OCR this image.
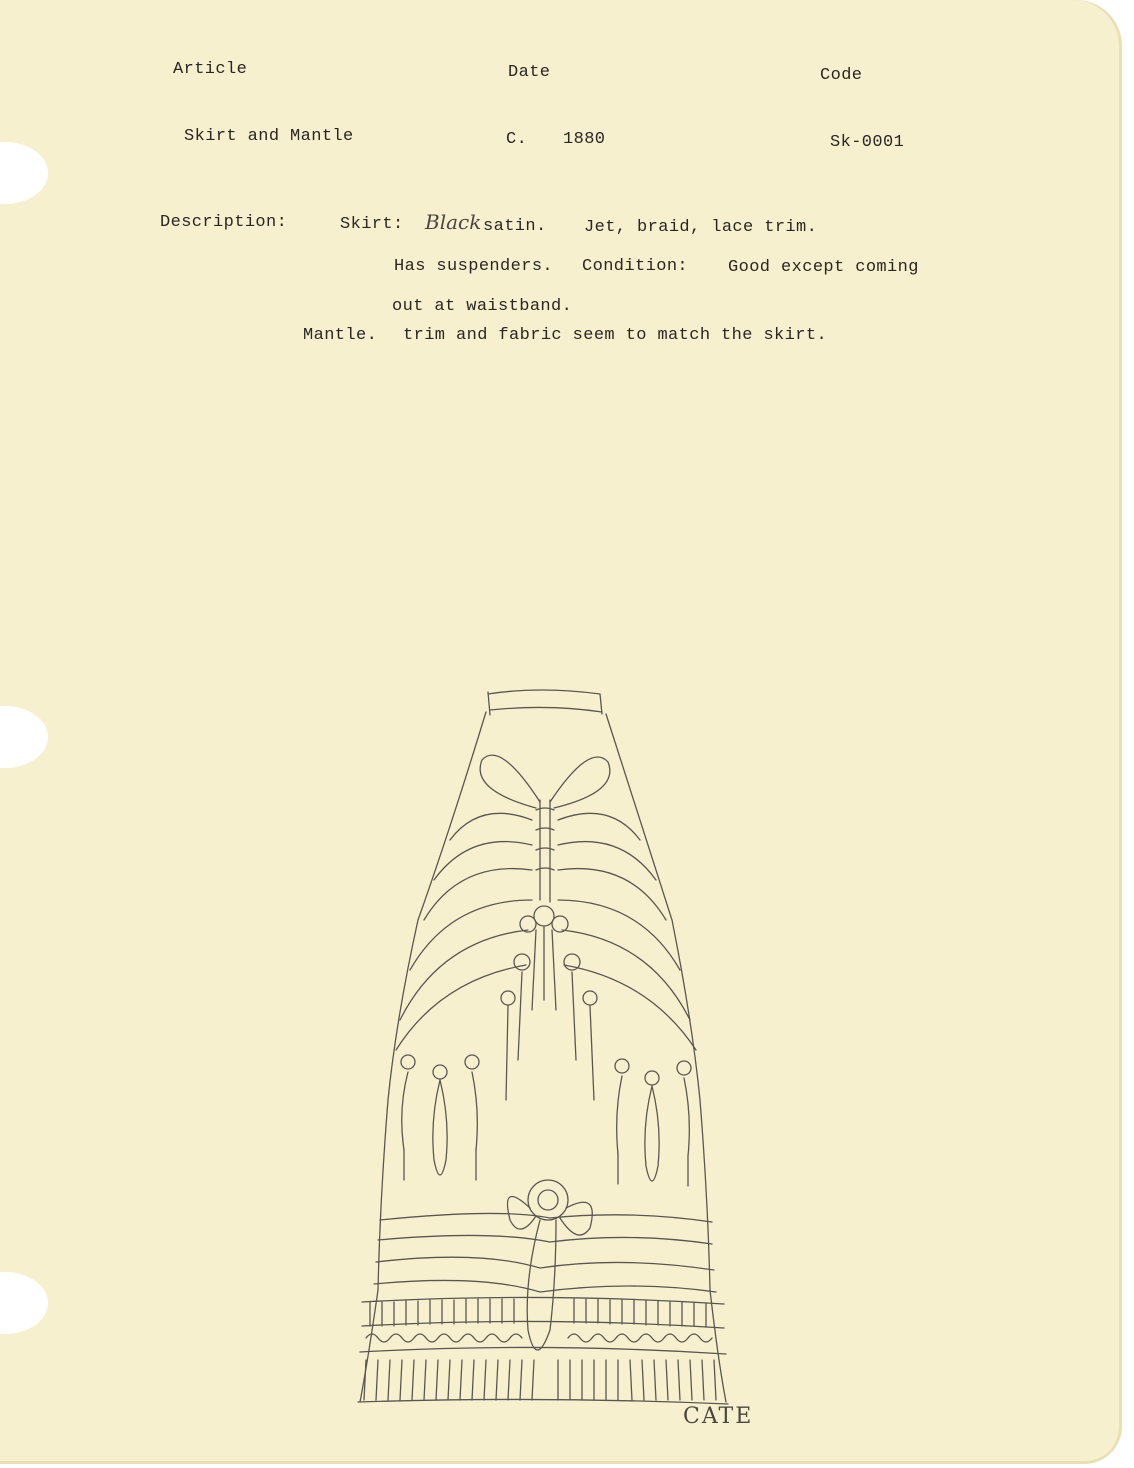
Article	Date	Code
Skirt and Mantle	C. 1880	Sk-0001
Description:	Skirt: Black satin. Jet, braid, lace trim.
Has suspenders. Condition: Good except coming
out at waistband.
Mantle. trim and fabric seem to match the skirt.
CATE
